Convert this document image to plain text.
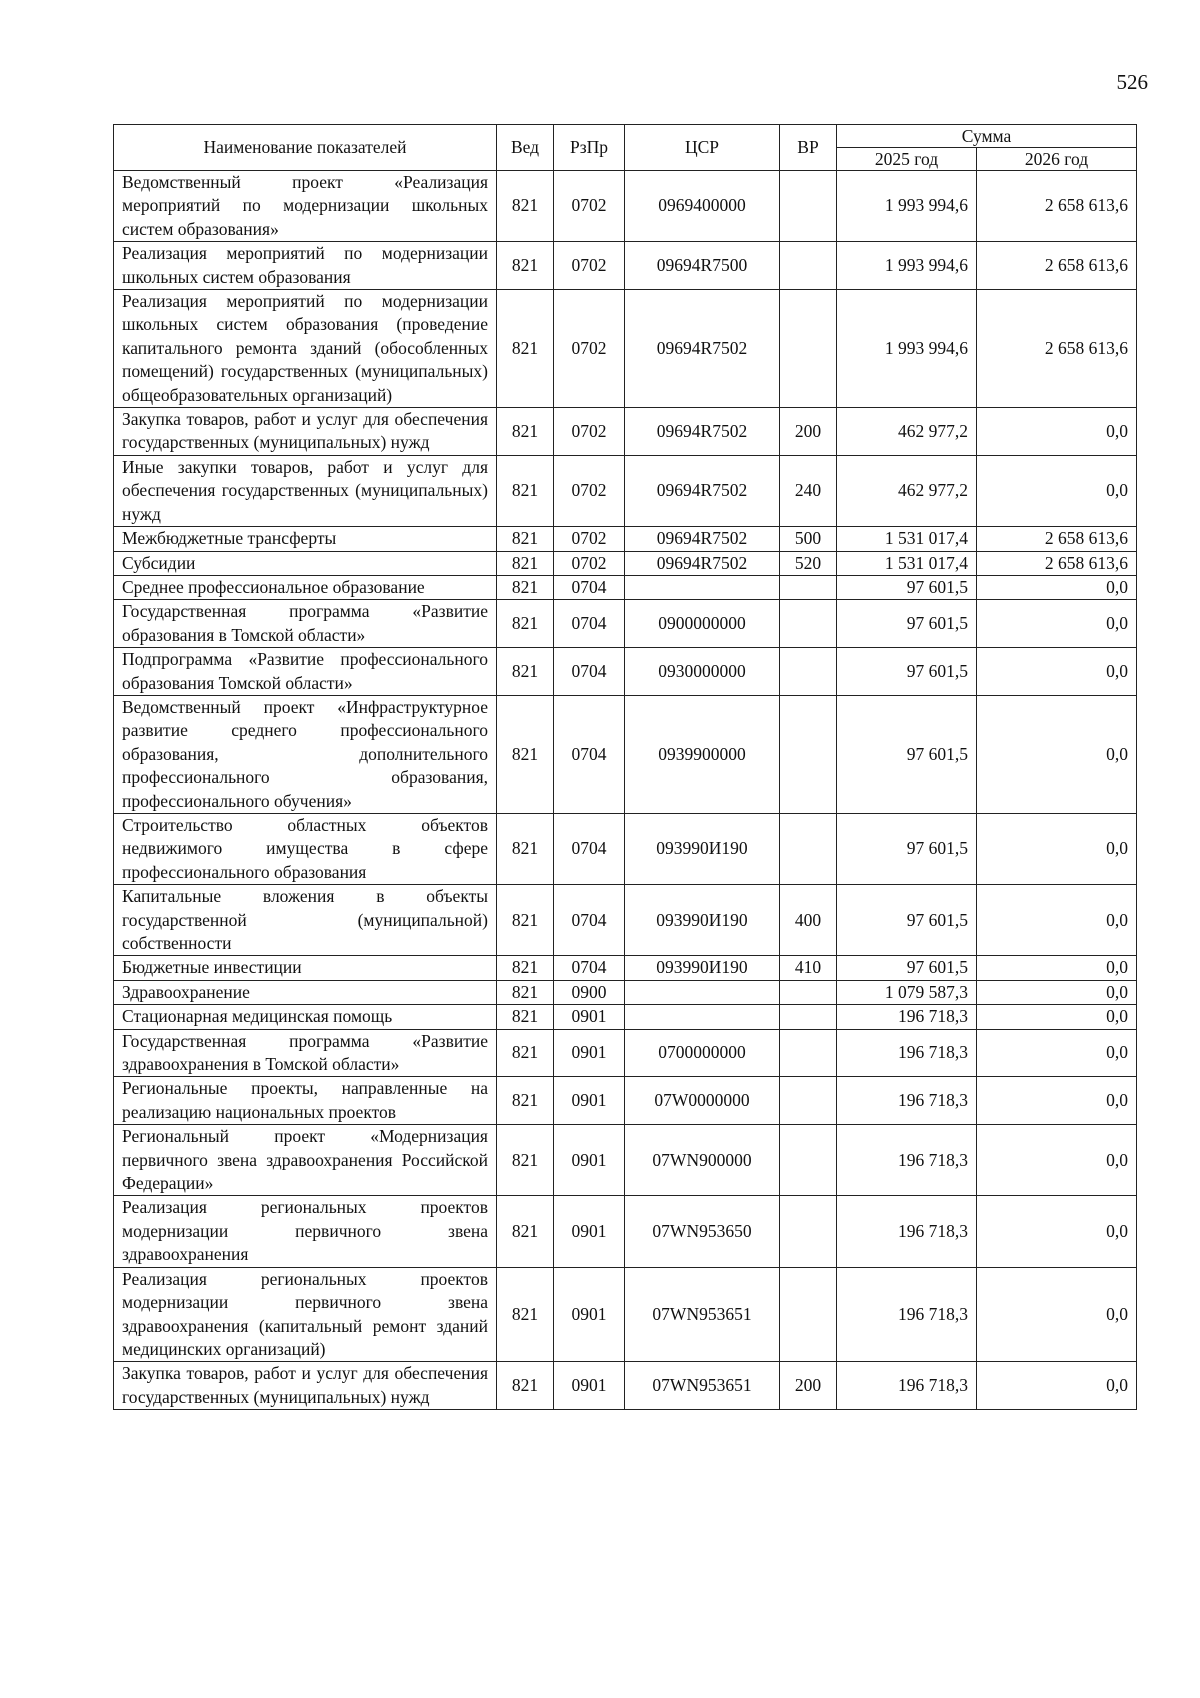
526
Наименование показателей	Вед	РзПр	ЦСР	ВР	Сумма	
					2025 год	2026 год
Ведомственный проект «Реализация мероприятий по модернизации школьных систем образования»	821	0702	0969400000		1 993 994,6	2 658 613,6
Реализация мероприятий по модернизации школьных систем образования	821	0702	09694R7500		1 993 994,6	2 658 613,6
Реализация мероприятий по модернизации школьных систем образования (проведение капитального ремонта зданий (обособленных помещений) государственных (муниципальных) общеобразовательных организаций)	821	0702	09694R7502		1 993 994,6	2 658 613,6
Закупка товаров, работ и услуг для обеспечения государственных (муниципальных) нужд	821	0702	09694R7502	200	462 977,2	0,0
Иные закупки товаров, работ и услуг для обеспечения государственных (муниципальных) нужд	821	0702	09694R7502	240	462 977,2	0,0
Межбюджетные трансферты	821	0702	09694R7502	500	1 531 017,4	2 658 613,6
Субсидии	821	0702	09694R7502	520	1 531 017,4	2 658 613,6
Среднее профессиональное образование	821	0704			97 601,5	0,0
Государственная программа «Развитие образования в Томской области»	821	0704	0900000000		97 601,5	0,0
Подпрограмма «Развитие профессионального образования Томской области»	821	0704	0930000000		97 601,5	0,0
Ведомственный проект «Инфраструктурное развитие среднего профессионального образования, дополнительного профессионального образования, профессионального обучения»	821	0704	0939900000		97 601,5	0,0
Строительство областных объектов недвижимого имущества в сфере профессионального образования	821	0704	093990И190		97 601,5	0,0
Капитальные вложения в объекты государственной (муниципальной) собственности	821	0704	093990И190	400	97 601,5	0,0
Бюджетные инвестиции	821	0704	093990И190	410	97 601,5	0,0
Здравоохранение	821	0900			1 079 587,3	0,0
Стационарная медицинская помощь	821	0901			196 718,3	0,0
Государственная программа «Развитие здравоохранения в Томской области»	821	0901	0700000000		196 718,3	0,0
Региональные проекты, направленные на реализацию национальных проектов	821	0901	07W0000000		196 718,3	0,0
Региональный проект «Модернизация первичного звена здравоохранения Российской Федерации»	821	0901	07WN900000		196 718,3	0,0
Реализация региональных проектов модернизации первичного звена здравоохранения	821	0901	07WN953650		196 718,3	0,0
Реализация региональных проектов модернизации первичного звена здравоохранения (капитальный ремонт зданий медицинских организаций)	821	0901	07WN953651		196 718,3	0,0
Закупка товаров, работ и услуг для обеспечения государственных (муниципальных) нужд	821	0901	07WN953651	200	196 718,3	0,0
